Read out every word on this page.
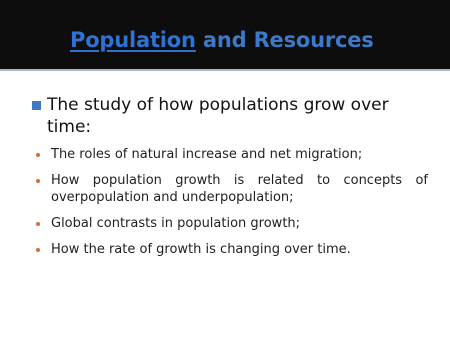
Population and Resources
The study of how populations grow over time:
The roles of natural increase and net migration;
How population growth is related to concepts of overpopulation and underpopulation;
Global contrasts in population growth;
How the rate of growth is changing over time.
